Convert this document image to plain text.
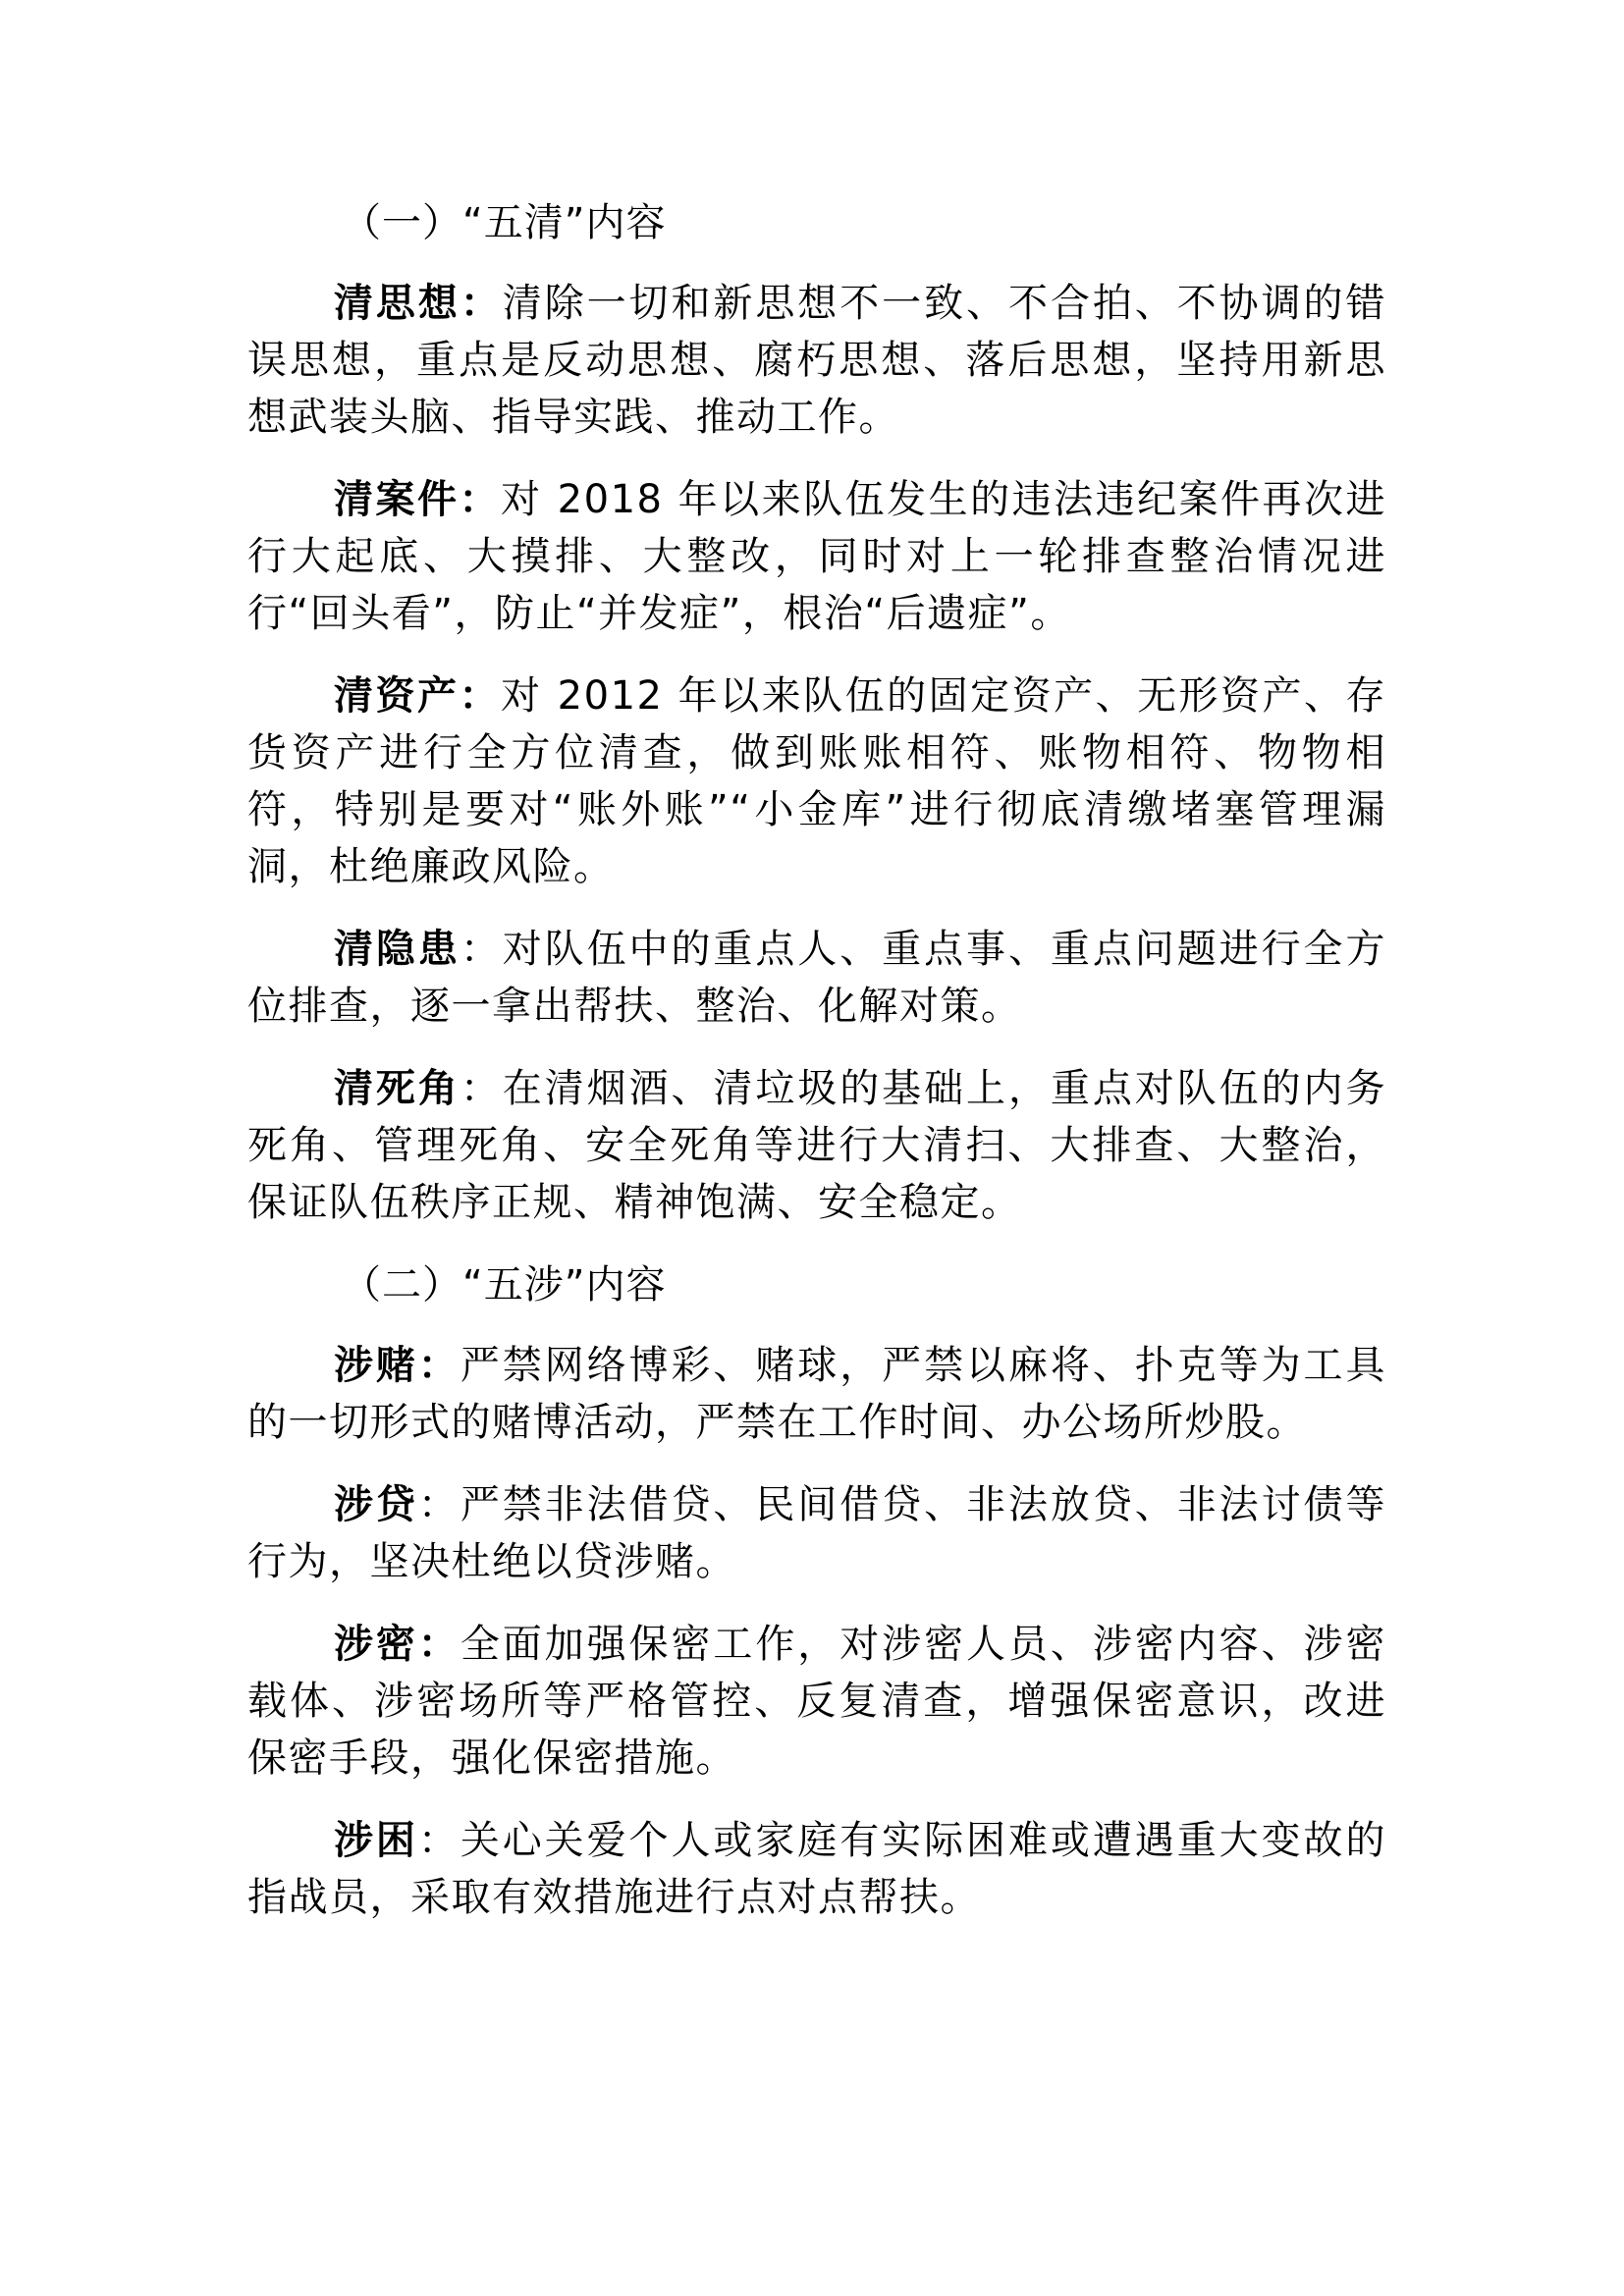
（一）“五清”内容

清思想：清除一切和新思想不一致、不合拍、不协调的错误思想，重点是反动思想、腐朽思想、落后思想，坚持用新思想武装头脑、指导实践、推动工作。

清案件：对 2018 年以来队伍发生的违法违纪案件再次进行大起底、大摸排、大整改，同时对上一轮排查整治情况进行“回头看”，防止“并发症”，根治“后遗症”。

清资产：对 2012 年以来队伍的固定资产、无形资产、存货资产进行全方位清查，做到账账相符、账物相符、物物相符，特别是要对“账外账”“小金库”进行彻底清缴堵塞管理漏洞，杜绝廉政风险。

清隐患：对队伍中的重点人、重点事、重点问题进行全方位排查，逐一拿出帮扶、整治、化解对策。

清死角：在清烟酒、清垃圾的基础上，重点对队伍的内务死角、管理死角、安全死角等进行大清扫、大排查、大整治，保证队伍秩序正规、精神饱满、安全稳定。

（二）“五涉”内容

涉赌：严禁网络博彩、赌球，严禁以麻将、扑克等为工具的一切形式的赌博活动，严禁在工作时间、办公场所炒股。

涉贷：严禁非法借贷、民间借贷、非法放贷、非法讨债等行为，坚决杜绝以贷涉赌。

涉密：全面加强保密工作，对涉密人员、涉密内容、涉密载体、涉密场所等严格管控、反复清查，增强保密意识，改进保密手段，强化保密措施。

涉困：关心关爱个人或家庭有实际困难或遭遇重大变故的指战员，采取有效措施进行点对点帮扶。
